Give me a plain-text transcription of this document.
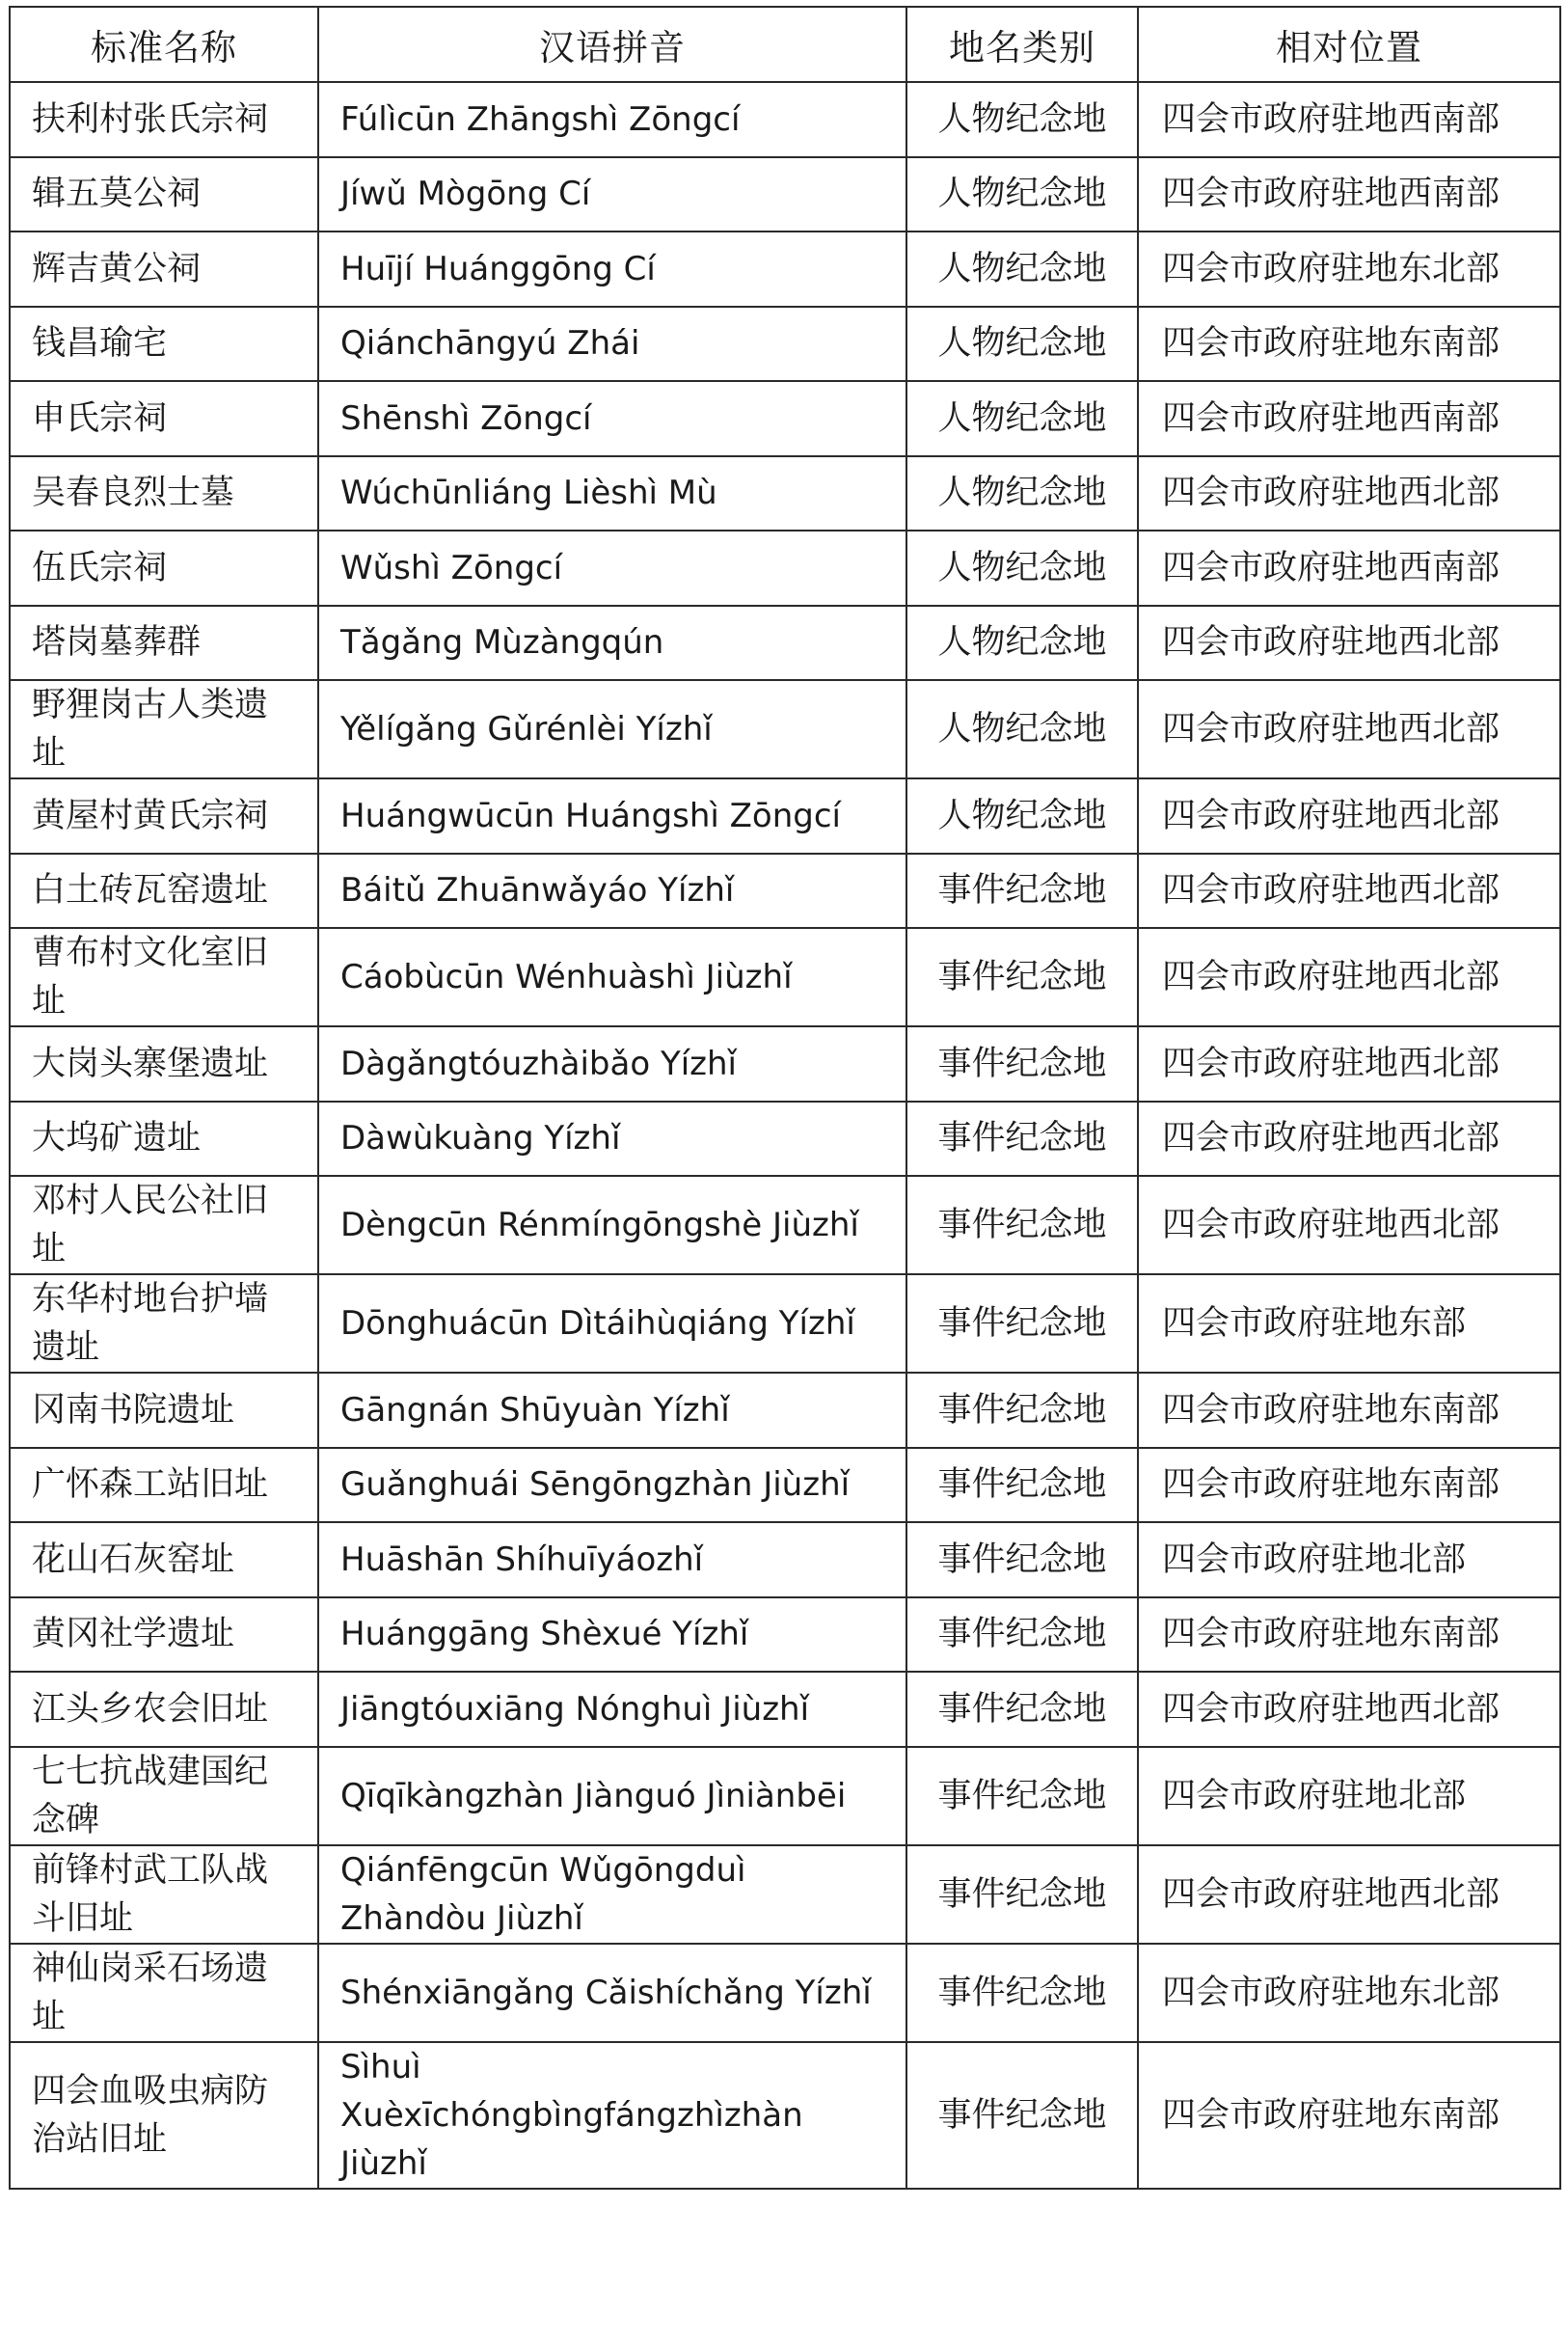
标准名称	汉语拼音	地名类别	相对位置
扶利村张氏宗祠	Fúlìcūn Zhāngshì Zōngcí	人物纪念地	四会市政府驻地西南部
辑五莫公祠	Jíwǔ Mògōng Cí	人物纪念地	四会市政府驻地西南部
辉吉黄公祠	Huījí Huánggōng Cí	人物纪念地	四会市政府驻地东北部
钱昌瑜宅	Qiánchāngyú Zhái	人物纪念地	四会市政府驻地东南部
申氏宗祠	Shēnshì Zōngcí	人物纪念地	四会市政府驻地西南部
吴春良烈士墓	Wúchūnliáng Lièshì Mù	人物纪念地	四会市政府驻地西北部
伍氏宗祠	Wǔshì Zōngcí	人物纪念地	四会市政府驻地西南部
塔岗墓葬群	Tǎgǎng Mùzàngqún	人物纪念地	四会市政府驻地西北部
野狸岗古人类遗址	Yělígǎng Gǔrénlèi Yízhǐ	人物纪念地	四会市政府驻地西北部
黄屋村黄氏宗祠	Huángwūcūn Huángshì Zōngcí	人物纪念地	四会市政府驻地西北部
白土砖瓦窑遗址	Báitǔ Zhuānwǎyáo Yízhǐ	事件纪念地	四会市政府驻地西北部
曹布村文化室旧址	Cáobùcūn Wénhuàshì Jiùzhǐ	事件纪念地	四会市政府驻地西北部
大岗头寨堡遗址	Dàgǎngtóuzhàibǎo Yízhǐ	事件纪念地	四会市政府驻地西北部
大坞矿遗址	Dàwùkuàng Yízhǐ	事件纪念地	四会市政府驻地西北部
邓村人民公社旧址	Dèngcūn Rénmíngōngshè Jiùzhǐ	事件纪念地	四会市政府驻地西北部
东华村地台护墙遗址	Dōnghuácūn Dìtáihùqiáng Yízhǐ	事件纪念地	四会市政府驻地东部
冈南书院遗址	Gāngnán Shūyuàn Yízhǐ	事件纪念地	四会市政府驻地东南部
广怀森工站旧址	Guǎnghuái Sēngōngzhàn Jiùzhǐ	事件纪念地	四会市政府驻地东南部
花山石灰窑址	Huāshān Shíhuīyáozhǐ	事件纪念地	四会市政府驻地北部
黄冈社学遗址	Huánggāng Shèxué Yízhǐ	事件纪念地	四会市政府驻地东南部
江头乡农会旧址	Jiāngtóuxiāng Nónghuì Jiùzhǐ	事件纪念地	四会市政府驻地西北部
七七抗战建国纪念碑	Qīqīkàngzhàn Jiànguó Jìniànbēi	事件纪念地	四会市政府驻地北部
前锋村武工队战斗旧址	Qiánfēngcūn Wǔgōngduì Zhàndòu Jiùzhǐ	事件纪念地	四会市政府驻地西北部
神仙岗采石场遗址	Shénxiāngǎng Cǎishíchǎng Yízhǐ	事件纪念地	四会市政府驻地东北部
四会血吸虫病防治站旧址	Sìhuì Xuèxīchóngbìngfángzhìzhàn Jiùzhǐ	事件纪念地	四会市政府驻地东南部
